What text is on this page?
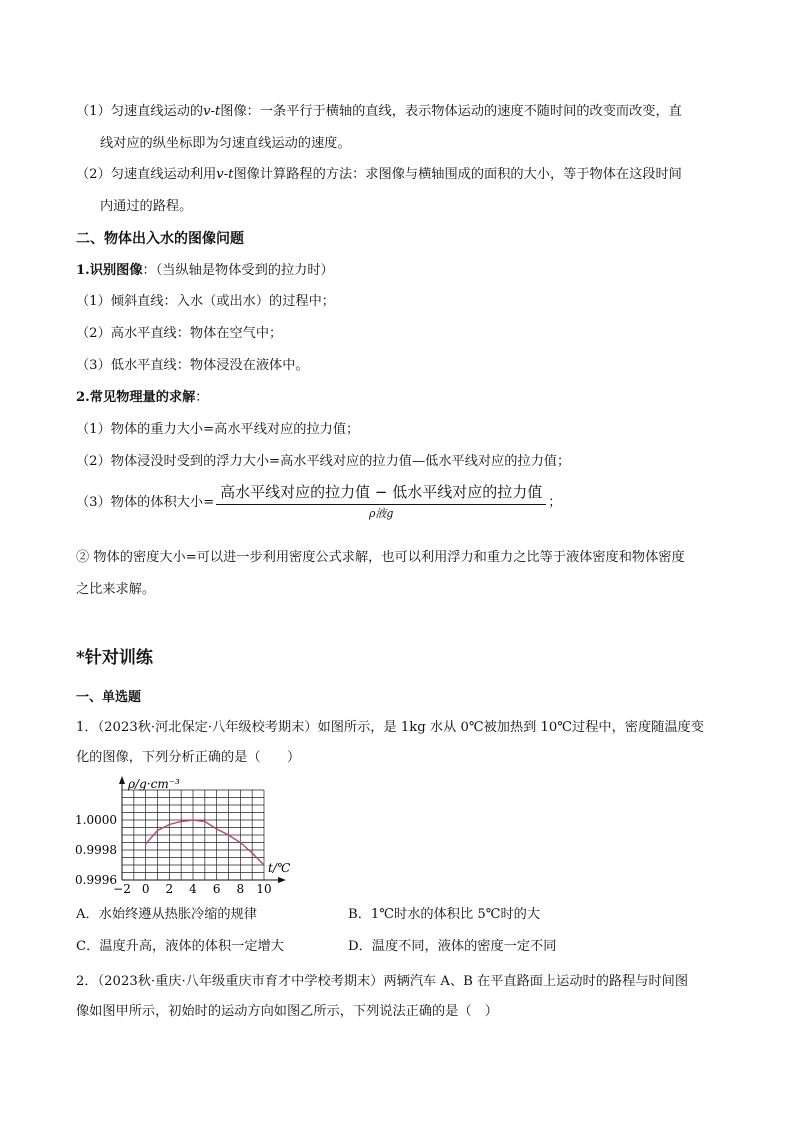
（1）匀速直线运动的v-t图像：一条平行于横轴的直线，表示物体运动的速度不随时间的改变而改变，直

线对应的纵坐标即为匀速直线运动的速度。

（2）匀速直线运动利用v-t图像计算路程的方法：求图像与横轴围成的面积的大小，等于物体在这段时间

内通过的路程。

二、物体出入水的图像问题

1.识别图像：（当纵轴是物体受到的拉力时）

（1）倾斜直线：入水（或出水）的过程中；

（2）高水平直线：物体在空气中；

（3）低水平直线：物体浸没在液体中。

2.常见物理量的求解：

（1）物体的重力大小=高水平线对应的拉力值；

（2）物体浸没时受到的浮力大小=高水平线对应的拉力值—低水平线对应的拉力值；

（3）物体的体积大小= $\frac{\text{高水平线对应的拉力值 − 低水平线对应的拉力值}}{\text{ρ液g}}$ ；

② 物体的密度大小=可以进一步利用密度公式求解，也可以利用浮力和重力之比等于液体密度和物体密度

之比来求解。

*针对训练

一、单选题

1．（2023秋·河北保定·八年级校考期末）如图所示，是 1kg 水从 0℃被加热到 10℃过程中，密度随温度变

化的图像，下列分析正确的是（　　）

−2 0 2 4 6 8 10
0.9996
0.9998
1.0000
ρ/g·cm⁻³
t/℃
A．水始终遵从热胀冷缩的规律	B．1℃时水的体积比 5℃时的大
C．温度升高，液体的体积一定增大	D．温度不同，液体的密度一定不同

2．（2023秋·重庆·八年级重庆市育才中学校考期末）两辆汽车 A、B 在平直路面上运动时的路程与时间图

像如图甲所示，初始时的运动方向如图乙所示，下列说法正确的是（　）
